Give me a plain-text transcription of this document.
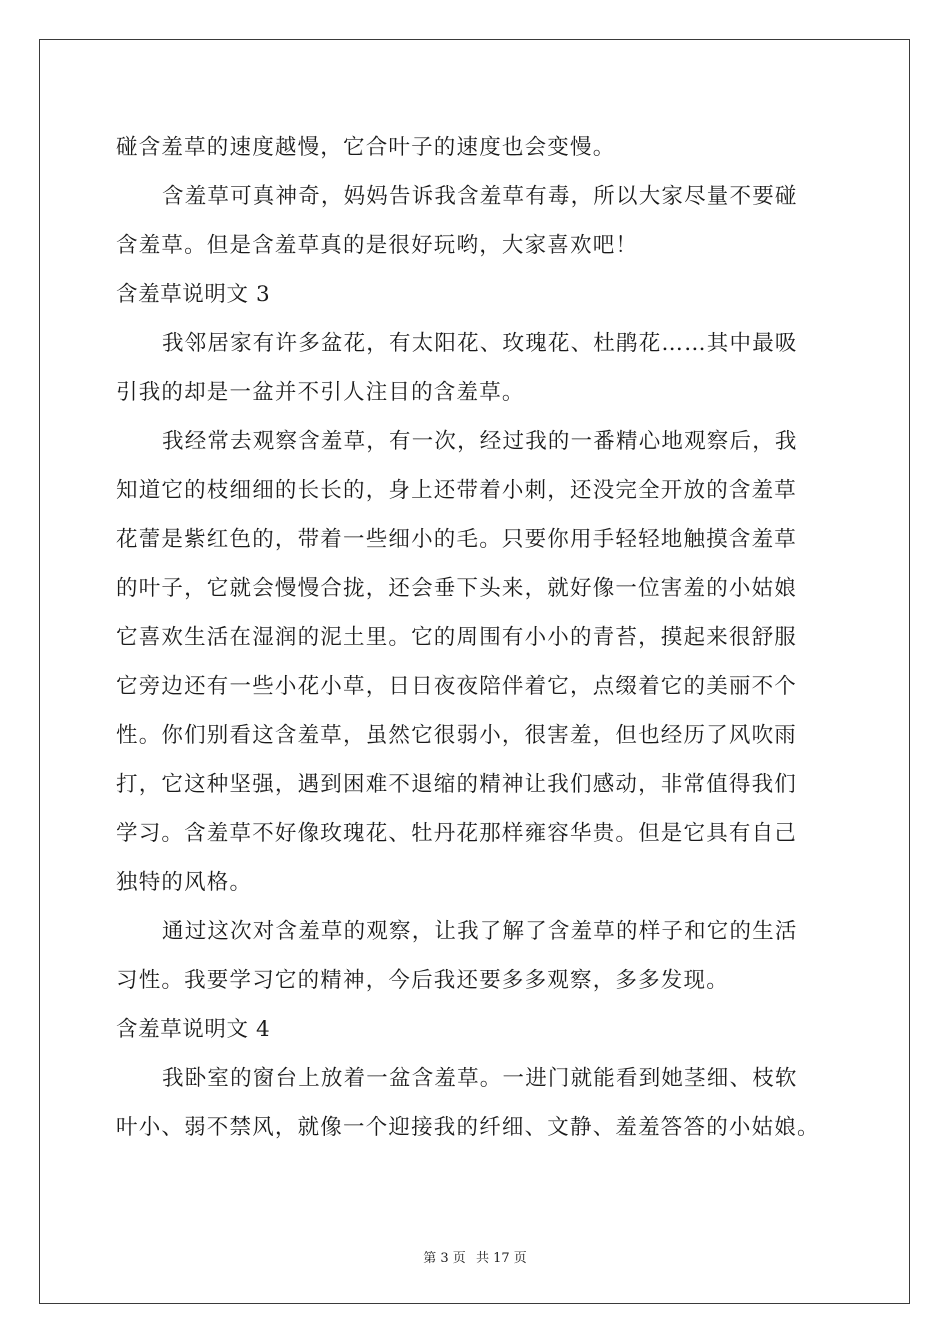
碰含羞草的速度越慢，它合叶子的速度也会变慢。
含羞草可真神奇，妈妈告诉我含羞草有毒，所以大家尽量不要碰
含羞草。但是含羞草真的是很好玩哟，大家喜欢吧！
含羞草说明文 3
我邻居家有许多盆花，有太阳花、玫瑰花、杜鹃花……其中最吸
引我的却是一盆并不引人注目的含羞草。
我经常去观察含羞草，有一次，经过我的一番精心地观察后，我
知道它的枝细细的长长的，身上还带着小刺，还没完全开放的含羞草
花蕾是紫红色的，带着一些细小的毛。只要你用手轻轻地触摸含羞草
的叶子，它就会慢慢合拢，还会垂下头来，就好像一位害羞的小姑娘
它喜欢生活在湿润的泥土里。它的周围有小小的青苔，摸起来很舒服
它旁边还有一些小花小草，日日夜夜陪伴着它，点缀着它的美丽不个
性。你们别看这含羞草，虽然它很弱小，很害羞，但也经历了风吹雨
打，它这种坚强，遇到困难不退缩的精神让我们感动，非常值得我们
学习。含羞草不好像玫瑰花、牡丹花那样雍容华贵。但是它具有自己
独特的风格。
通过这次对含羞草的观察，让我了解了含羞草的样子和它的生活
习性。我要学习它的精神，今后我还要多多观察，多多发现。
含羞草说明文 4
我卧室的窗台上放着一盆含羞草。一进门就能看到她茎细、枝软
叶小、弱不禁风，就像一个迎接我的纤细、文静、羞羞答答的小姑娘。
第 3 页 共 17 页
